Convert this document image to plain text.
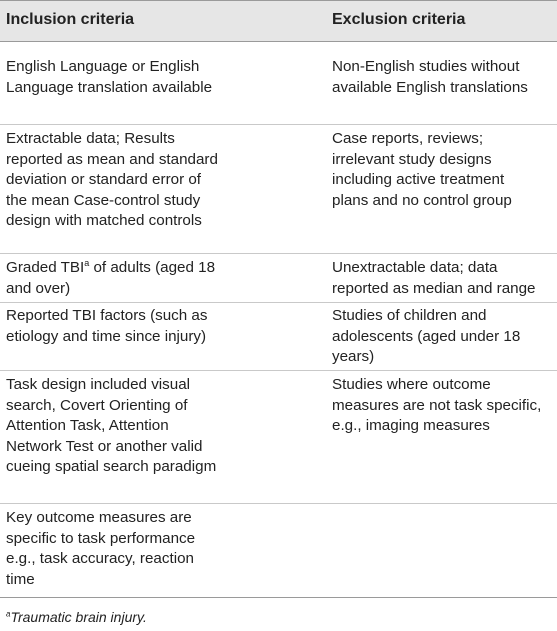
Inclusion criteria	Exclusion criteria
English Language or English Language translation available
Non-English studies without available English translations
Extractable data; Results reported as mean and standard deviation or standard error of the mean Case-control study design with matched controls
Case reports, reviews; irrelevant study designs including active treatment plans and no control group
Graded TBI$^a$ of adults (aged 18 and over)
Unextractable data; data reported as median and range
Reported TBI factors (such as etiology and time since injury)
Studies of children and adolescents (aged under 18 years)
Task design included visual search, Covert Orienting of Attention Task, Attention Network Test or another valid cueing spatial search paradigm
Studies where outcome measures are not task specific, e.g., imaging measures
Key outcome measures are specific to task performance e.g., task accuracy, reaction time
$^a$Traumatic brain injury.
